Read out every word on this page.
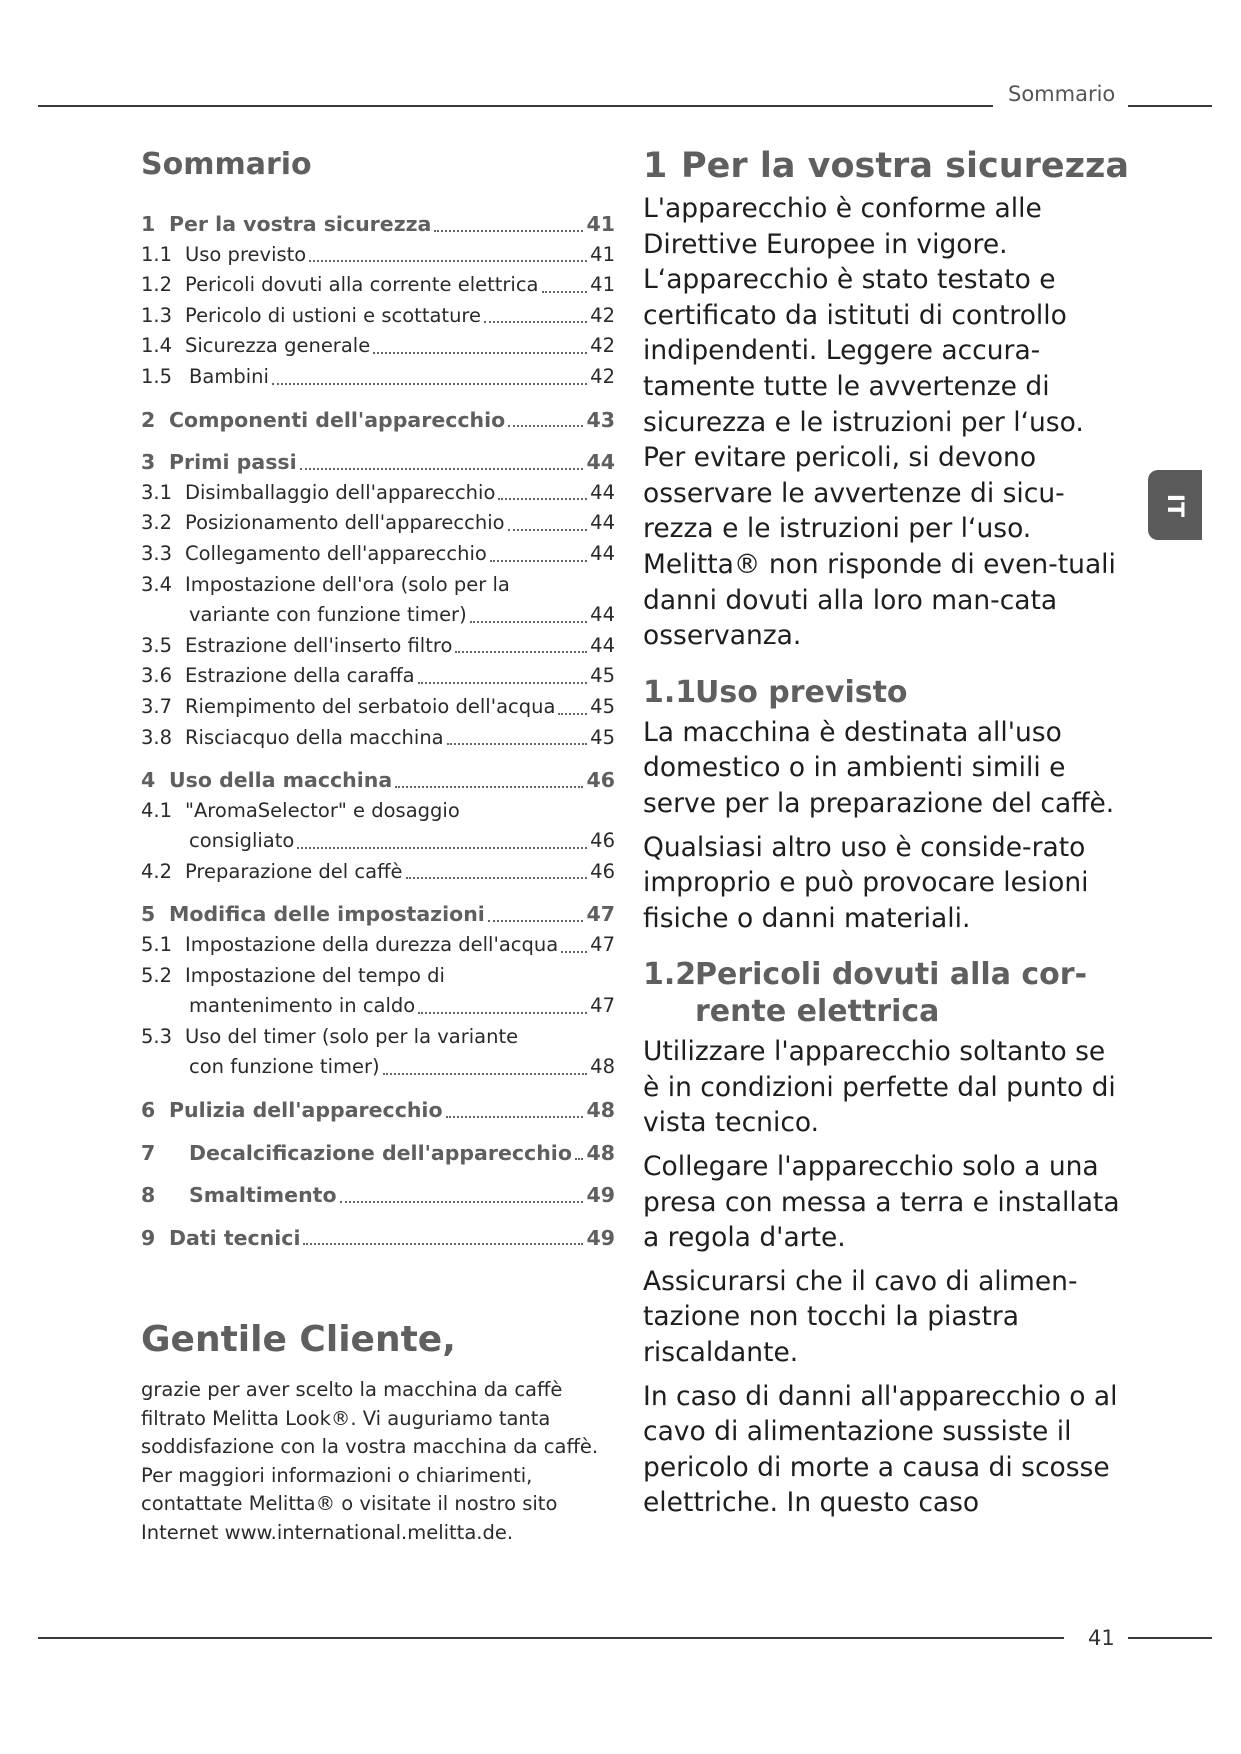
Sommario
IT
Sommario
1 Per la vostra sicurezza	41
1.1 Uso previsto	41
1.2 Pericoli dovuti alla corrente elettrica	41
1.3 Pericolo di ustioni e scottature	42
1.4 Sicurezza generale	42
1.5 Bambini	42
2 Componenti dell'apparecchio	43
3 Primi passi	44
3.1 Disimballaggio dell'apparecchio	44
3.2 Posizionamento dell'apparecchio	44
3.3 Collegamento dell'apparecchio	44
3.4 Impostazione dell'ora (solo per la
variante con funzione timer)	44
3.5 Estrazione dell'inserto filtro	44
3.6 Estrazione della caraffa	45
3.7 Riempimento del serbatoio dell'acqua 45
3.8 Risciacquo della macchina	45
4 Uso della macchina	46
4.1 "AromaSelector" e dosaggio
consigliato	46
4.2 Preparazione del caffè	46
5 Modifica delle impostazioni	47
5.1 Impostazione della durezza dell'acqua 47
5.2 Impostazione del tempo di
mantenimento in caldo	47
5.3 Uso del timer (solo per la variante
con funzione timer)	48
6 Pulizia dell'apparecchio	48
7	Decalcificazione dell'apparecchio 48
8	Smaltimento	49
9 Dati tecnici	49
Gentile Cliente,

grazie per aver scelto la macchina da caffè filtrato Melitta Look®. Vi auguriamo tanta soddisfazione con la vostra macchina da caffè. Per maggiori informazioni o chiarimenti, contattate Melitta® o visitate il nostro sito Internet www.international.melitta.de.

1 Per la vostra sicurezza

L'apparecchio è conforme alle Direttive Europee in vigore. L‘apparecchio è stato testato e certificato da istituti di controllo indipendenti. Leggere accura-tamente tutte le avvertenze di sicurezza e le istruzioni per l‘uso. Per evitare pericoli, si devono osservare le avvertenze di sicu-rezza e le istruzioni per l‘uso. Melitta® non risponde di even-tuali danni dovuti alla loro man-cata osservanza.

1.1Uso previsto

La macchina è destinata all'uso domestico o in ambienti simili e serve per la preparazione del caffè.

Qualsiasi altro uso è conside-rato improprio e può provocare lesioni fisiche o danni materiali.

1.2Pericoli dovuti alla cor-
rente elettrica

Utilizzare l'apparecchio soltanto se è in condizioni perfette dal punto di vista tecnico.

Collegare l'apparecchio solo a una presa con messa a terra e installata a regola d'arte.

Assicurarsi che il cavo di alimen-tazione non tocchi la piastra riscaldante.

In caso di danni all'apparecchio o al cavo di alimentazione sussiste il pericolo di morte a causa di scosse elettriche. In questo caso

41
